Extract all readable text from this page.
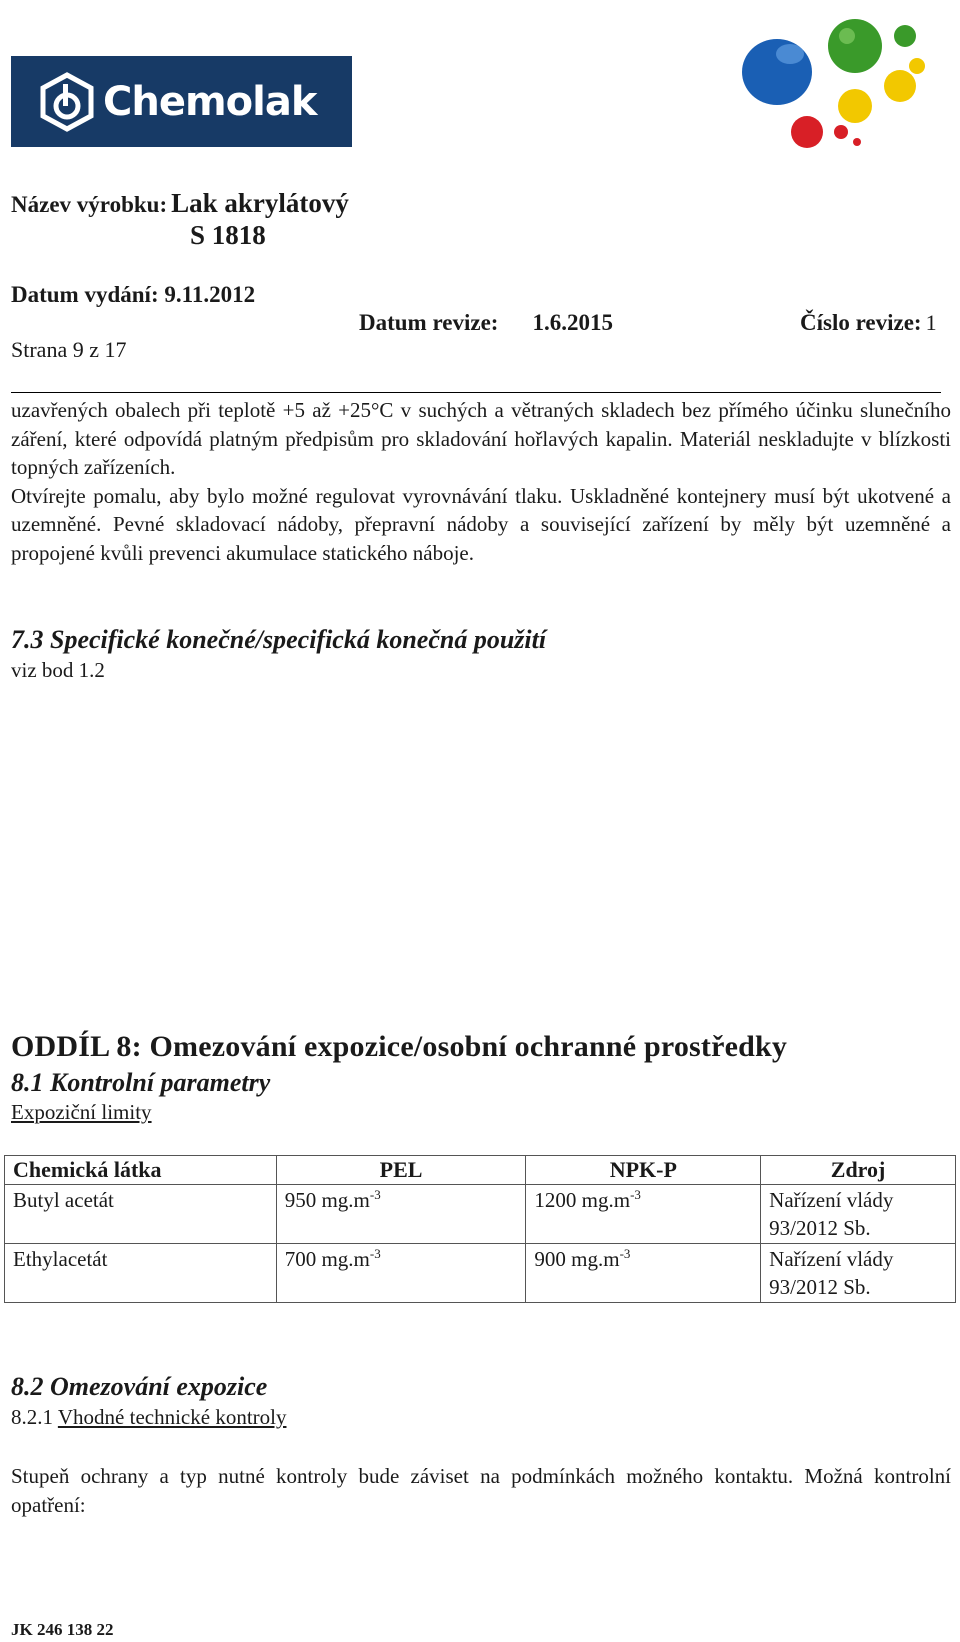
Chemolak
Název výrobku: Lak akrylátový
S 1818
Datum vydání: 9.11.2012
Datum revize: 1.6.2015	Číslo revize: 1
Strana 9 z 17

uzavřených obalech při teplotě +5 až +25°C v suchých a větraných skladech bez přímého účinku slunečního záření, které odpovídá platným předpisům pro skladování hořlavých kapalin. Materiál neskladujte v blízkosti topných zařízeních.

Otvírejte pomalu, aby bylo možné regulovat vyrovnávání tlaku. Uskladněné kontejnery musí být ukotvené a uzemněné. Pevné skladovací nádoby, přepravní nádoby a související zařízení by měly být uzemněné a propojené kvůli prevenci akumulace statického náboje.

7.3 Specifické konečné/specifická konečná použití
viz bod 1.2
ODDÍL 8: Omezování expozice/osobní ochranné prostředky
8.1 Kontrolní parametry
Expoziční limity
Chemická látka	PEL	NPK-P	Zdroj
Butyl acetát	950 $mg.m^{-3}$	1200 $mg.m^{-3}$	Nařízení vlády 93/2012 Sb.
Ethylacetát	700 $mg.m^{-3}$	900 $mg.m^{-3}$	Nařízení vlády 93/2012 Sb.
8.2 Omezování expozice
8.2.1 Vhodné technické kontroly
Stupeň ochrany a typ nutné kontroly bude záviset na podmínkách možného kontaktu. Možná kontrolní opatření:
JK 246 138 22
